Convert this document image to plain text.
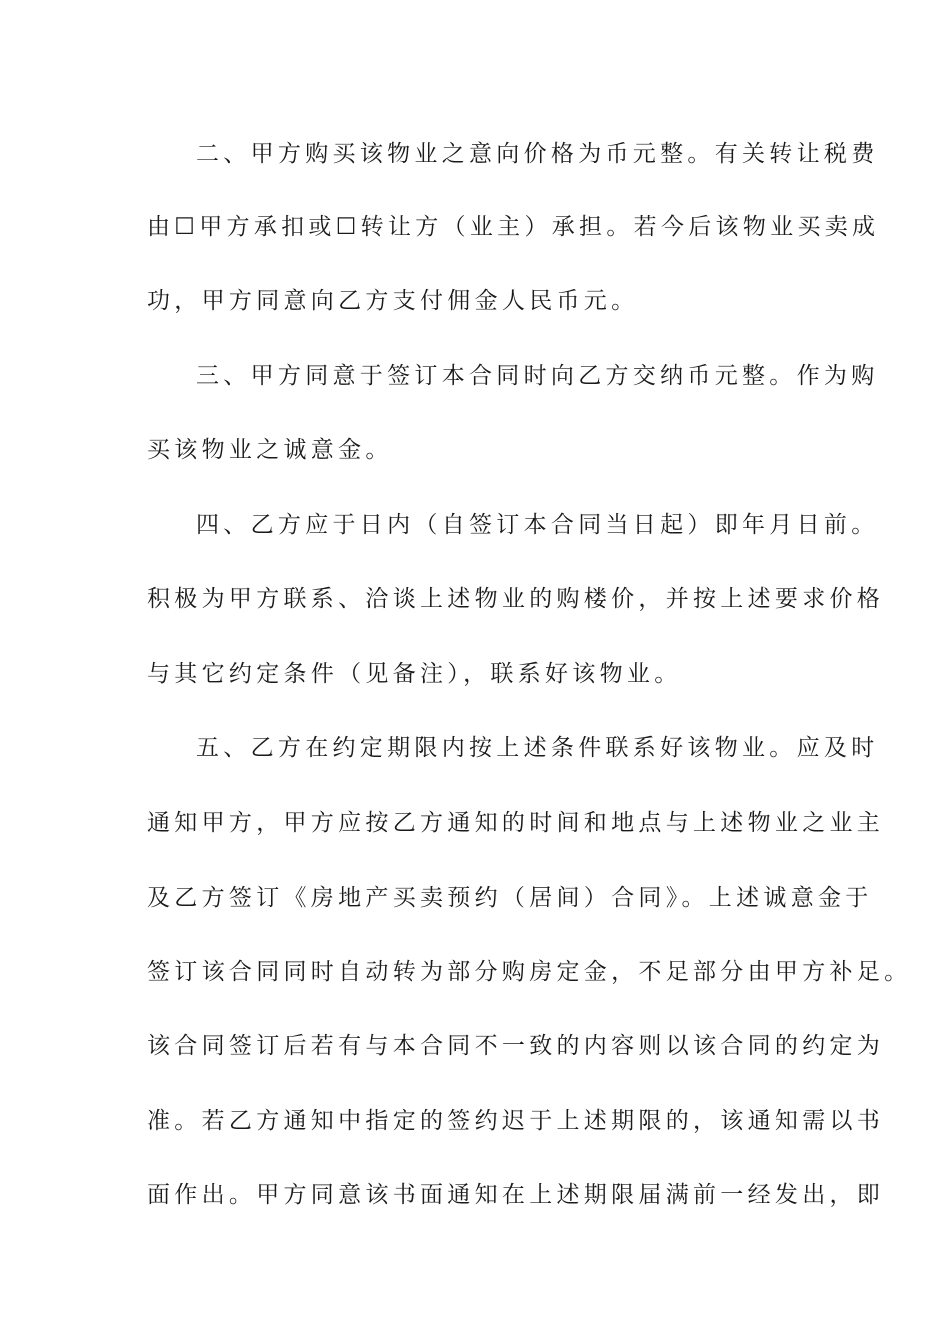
二、甲方购买该物业之意向价格为币元整。有关转让税费
由☐甲方承扣或☐转让方（业主）承担。若今后该物业买卖成
功，甲方同意向乙方支付佣金人民币元。
三、甲方同意于签订本合同时向乙方交纳币元整。作为购
买该物业之诚意金。
四、乙方应于日内（自签订本合同当日起）即年月日前。
积极为甲方联系、洽谈上述物业的购楼价，并按上述要求价格
与其它约定条件（见备注），联系好该物业。
五、乙方在约定期限内按上述条件联系好该物业。应及时
通知甲方，甲方应按乙方通知的时间和地点与上述物业之业主
及乙方签订《房地产买卖预约（居间）合同》。上述诚意金于
签订该合同同时自动转为部分购房定金，不足部分由甲方补足。
该合同签订后若有与本合同不一致的内容则以该合同的约定为
准。若乙方通知中指定的签约迟于上述期限的，该通知需以书
面作出。甲方同意该书面通知在上述期限届满前一经发出，即
